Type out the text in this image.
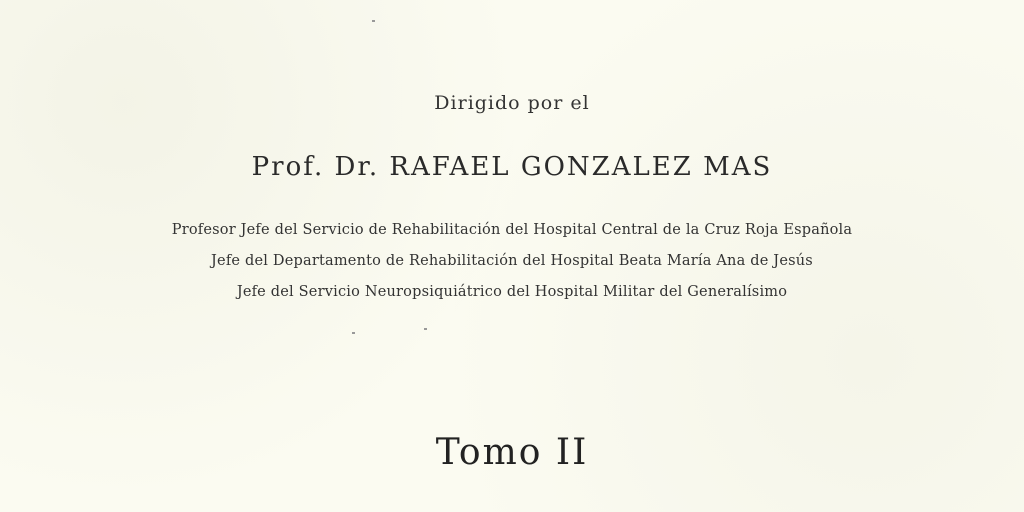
Dirigido por el
Prof. Dr. RAFAEL GONZALEZ MAS
Profesor Jefe del Servicio de Rehabilitación del Hospital Central de la Cruz Roja Española
Jefe del Departamento de Rehabilitación del Hospital Beata María Ana de Jesús
Jefe del Servicio Neuropsiquiátrico del Hospital Militar del Generalísimo
Tomo II
